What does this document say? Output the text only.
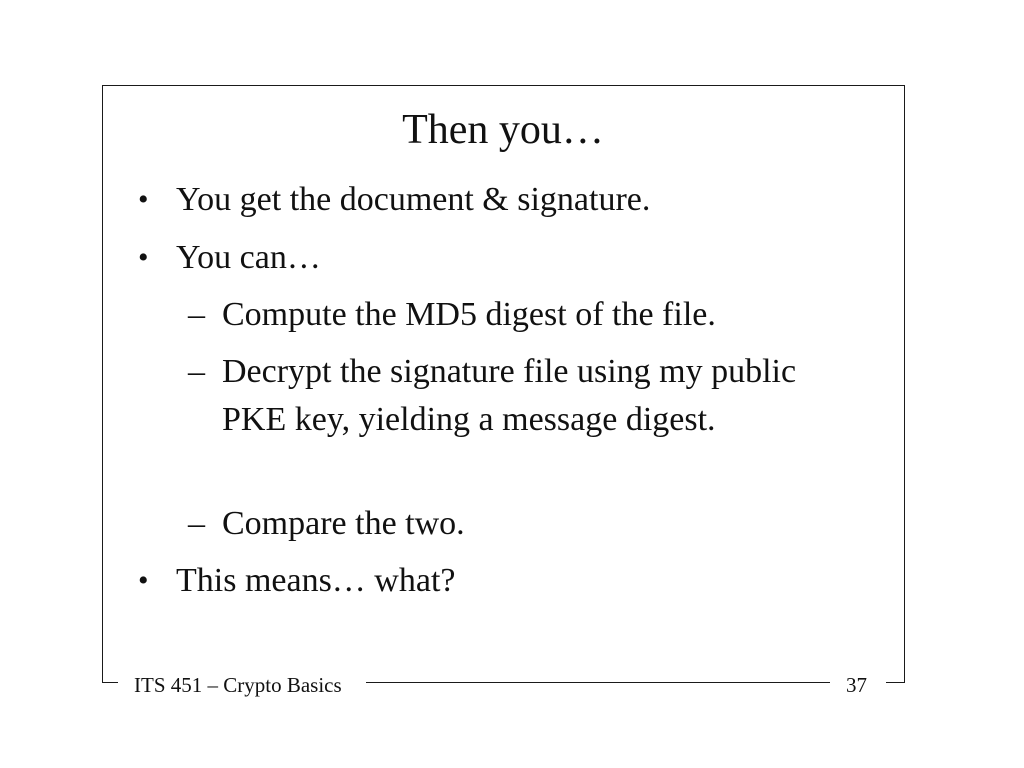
Then you…
• You get the document & signature.
• You can…
– Compute the MD5 digest of the file.
– Decrypt the signature file using my public PKE key, yielding a message digest.
– Compare the two.
• This means… what?
ITS 451 – Crypto Basics	37
